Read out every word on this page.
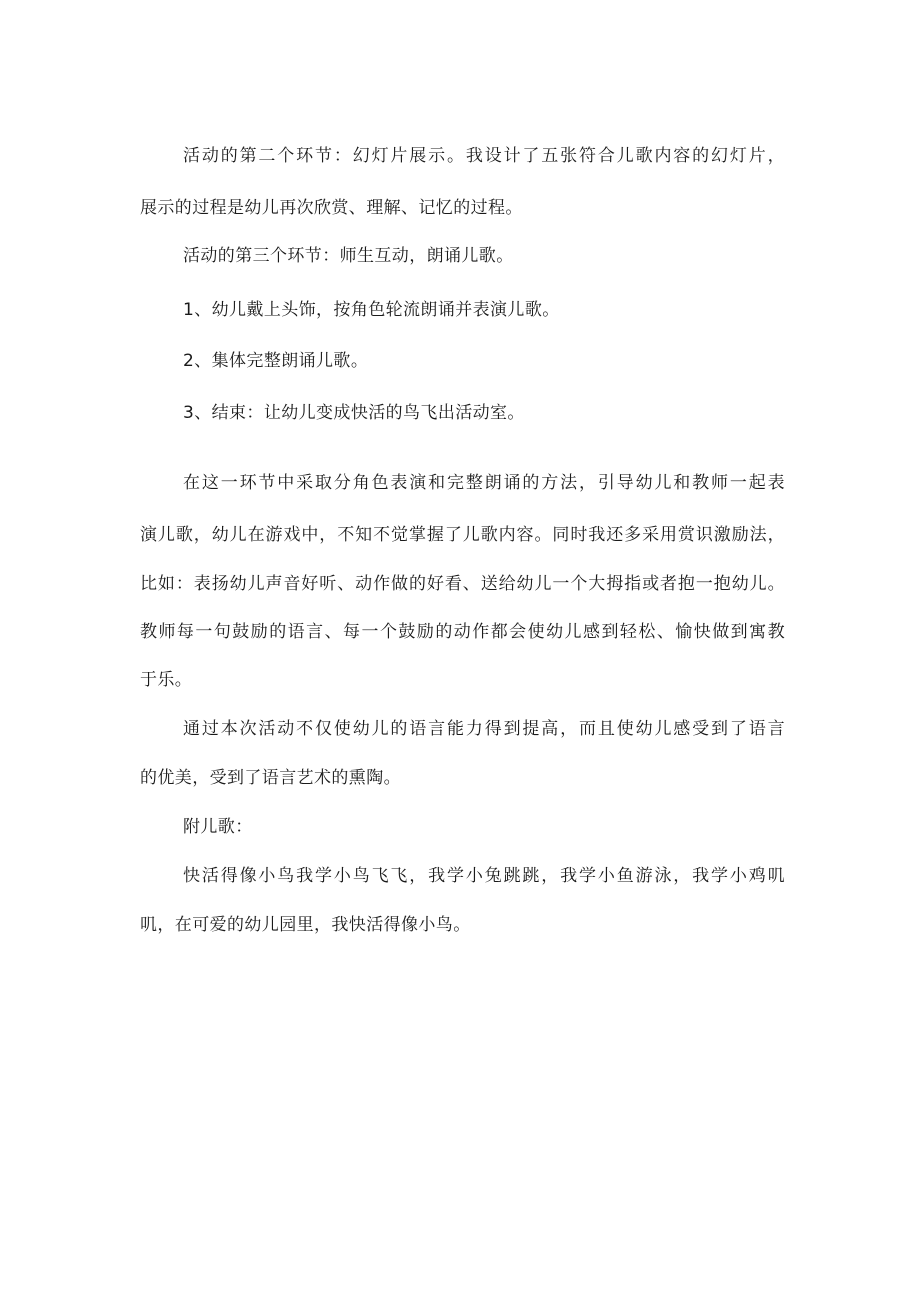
活动的第二个环节：幻灯片展示。我设计了五张符合儿歌内容的幻灯片，
展示的过程是幼儿再次欣赏、理解、记忆的过程。
活动的第三个环节：师生互动，朗诵儿歌。
1、幼儿戴上头饰，按角色轮流朗诵并表演儿歌。
2、集体完整朗诵儿歌。
3、结束：让幼儿变成快活的鸟飞出活动室。
在这一环节中采取分角色表演和完整朗诵的方法，引导幼儿和教师一起表
演儿歌，幼儿在游戏中，不知不觉掌握了儿歌内容。同时我还多采用赏识激励法，
比如：表扬幼儿声音好听、动作做的好看、送给幼儿一个大拇指或者抱一抱幼儿。
教师每一句鼓励的语言、每一个鼓励的动作都会使幼儿感到轻松、愉快做到寓教
于乐。
通过本次活动不仅使幼儿的语言能力得到提高，而且使幼儿感受到了语言
的优美，受到了语言艺术的熏陶。
附儿歌：
快活得像小鸟我学小鸟飞飞，我学小兔跳跳，我学小鱼游泳，我学小鸡叽
叽，在可爱的幼儿园里，我快活得像小鸟。
